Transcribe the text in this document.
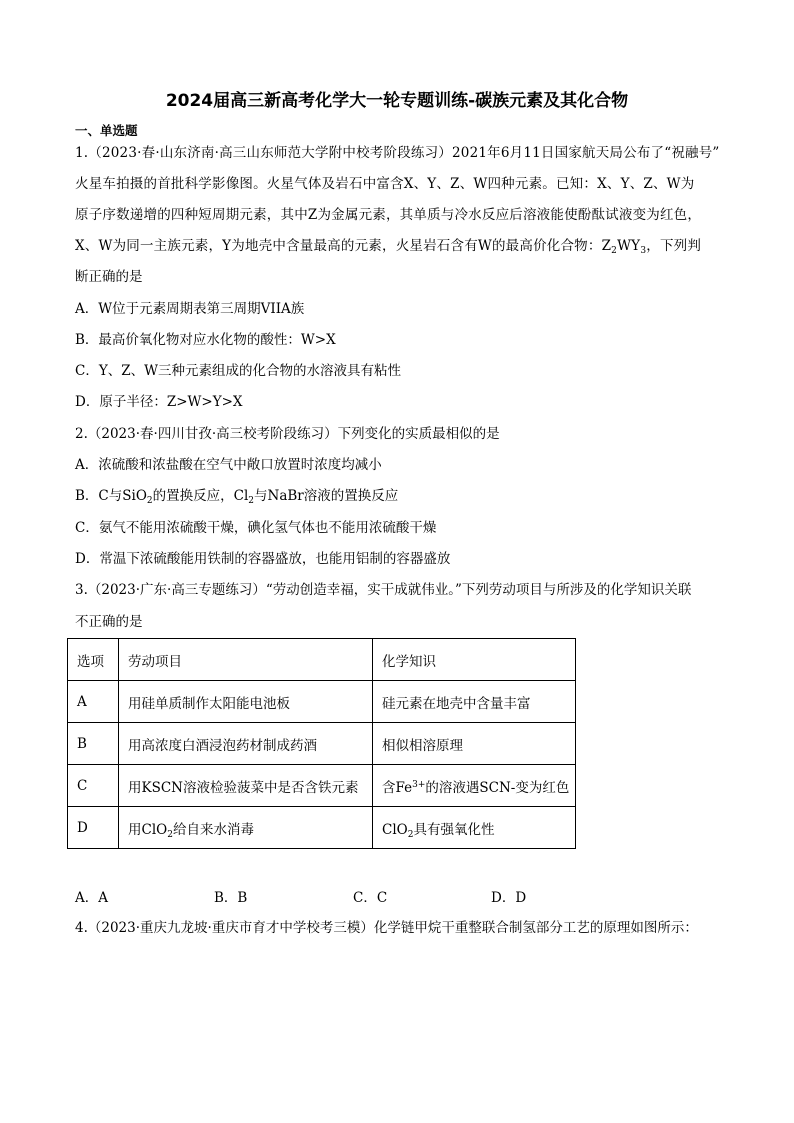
2024届高三新高考化学大一轮专题训练-碳族元素及其化合物
一、单选题
1.（2023·春·山东济南·高三山东师范大学附中校考阶段练习）2021年6月11日国家航天局公布了“祝融号”
火星车拍摄的首批科学影像图。火星气体及岩石中富含X、Y、Z、W四种元素。已知：X、Y、Z、W为
原子序数递增的四种短周期元素，其中Z为金属元素，其单质与冷水反应后溶液能使酚酞试液变为红色，
X、W为同一主族元素，Y为地壳中含量最高的元素，火星岩石含有W的最高价化合物：$Z_2WY_3$，下列判
断正确的是
A．W位于元素周期表第三周期VIIA族
B．最高价氧化物对应水化物的酸性：W>X
C．Y、Z、W三种元素组成的化合物的水溶液具有粘性
D．原子半径：Z>W>Y>X
2.（2023·春·四川甘孜·高三校考阶段练习）下列变化的实质最相似的是
A．浓硫酸和浓盐酸在空气中敞口放置时浓度均减小
B．C与SiO$_2$的置换反应，$Cl_2$与NaBr溶液的置换反应
C．氨气不能用浓硫酸干燥，碘化氢气体也不能用浓硫酸干燥
D．常温下浓硫酸能用铁制的容器盛放，也能用铝制的容器盛放
3.（2023·广东·高三专题练习）“劳动创造幸福，实干成就伟业。”下列劳动项目与所涉及的化学知识关联
不正确的是
选项	劳动项目	化学知识
A	用硅单质制作太阳能电池板	硅元素在地壳中含量丰富
B	用高浓度白酒浸泡药材制成药酒	相似相溶原理
C	用KSCN溶液检验菠菜中是否含铁元素	含$Fe^{3+}$的溶液遇SCN-变为红色
D	用ClO$_2$给自来水消毒	ClO$_2$具有强氧化性
A．A	B．B	C．C	D．D
4.（2023·重庆九龙坡·重庆市育才中学校考三模）化学链甲烷干重整联合制氢部分工艺的原理如图所示：
